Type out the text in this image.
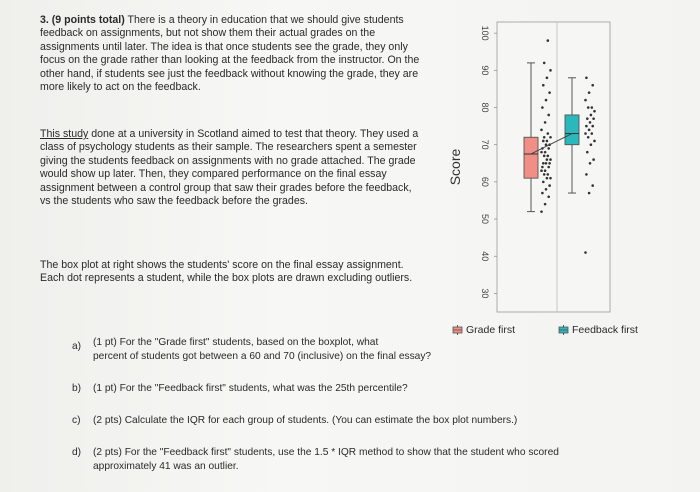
3. (9 points total) There is a theory in education that we should give students feedback on assignments, but not show them their actual grades on the assignments until later. The idea is that once students see the grade, they only focus on the grade rather than looking at the feedback from the instructor. On the other hand, if students see just the feedback without knowing the grade, they are more likely to act on the feedback.
This study done at a university in Scotland aimed to test that theory. They used a class of psychology students as their sample. The researchers spent a semester giving the students feedback on assignments with no grade attached. The grade would show up later. Then, they compared performance on the final essay assignment between a control group that saw their grades before the feedback, vs the students who saw the feedback before the grades.
The box plot at right shows the students' score on the final essay assignment. Each dot represents a student, while the box plots are drawn excluding outliers.
30
40
50
60
70
80
90
100
Score
Grade first	Feedback first
a) (1 pt) For the "Grade first" students, based on the boxplot, what
percent of students got between a 60 and 70 (inclusive) on the final essay?
b) (1 pt) For the "Feedback first" students, what was the 25th percentile?
c) (2 pts) Calculate the IQR for each group of students. (You can estimate the box plot numbers.)
d) (2 pts) For the "Feedback first" students, use the 1.5 * IQR method to show that the student who scored
approximately 41 was an outlier.
